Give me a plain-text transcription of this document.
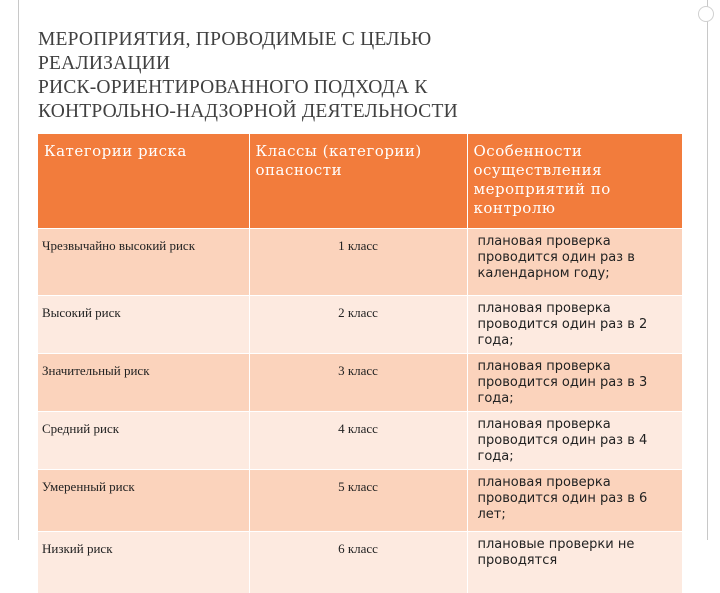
МЕРОПРИЯТИЯ, ПРОВОДИМЫЕ С ЦЕЛЬЮ
РЕАЛИЗАЦИИ
РИСК-ОРИЕНТИРОВАННОГО ПОДХОДА К
КОНТРОЛЬНО-НАДЗОРНОЙ ДЕЯТЕЛЬНОСТИ
Категории риска	Классы (категории) опасности	Особенности осуществления мероприятий по контролю
Чрезвычайно высокий риск	1 класс	плановая проверка проводится один раз в календарном году;
Высокий риск	2 класс	плановая проверка проводится один раз в 2 года;
Значительный риск	3 класс	плановая проверка проводится один раз в 3 года;
Средний риск	4 класс	плановая проверка проводится один раз в 4 года;
Умеренный риск	5 класс	плановая проверка проводится один раз в 6 лет;
Низкий риск	6 класс	плановые проверки не проводятся
